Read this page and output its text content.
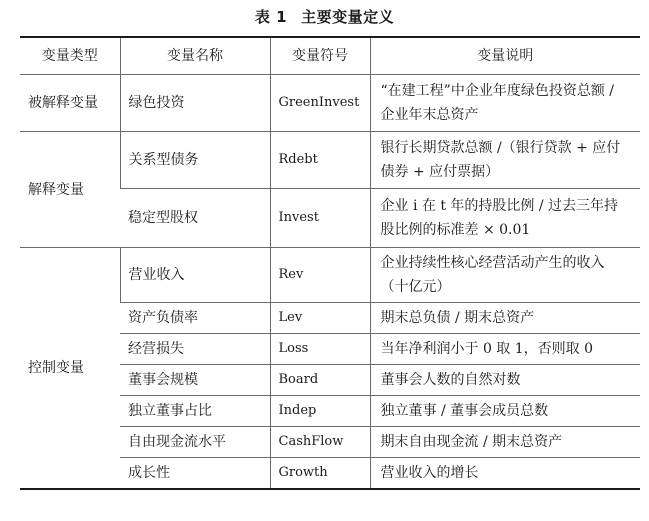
表 1 主要变量定义
变量类型	变量名称	变量符号	变量说明
被解释变量	绿色投资	GreenInvest	“在建工程”中企业年度绿色投资总额 / 企业年末总资产
解释变量	关系型债务	Rdebt	银行长期贷款总额 /（银行贷款 + 应付债券 + 应付票据）
	稳定型股权	Invest	企业 i 在 t 年的持股比例 / 过去三年持股比例的标准差 × 0.01
控制变量	营业收入	Rev	企业持续性核心经营活动产生的收入（十亿元）
	资产负债率	Lev	期末总负债 / 期末总资产
	经营损失	Loss	当年净利润小于 0 取 1，否则取 0
	董事会规模	Board	董事会人数的自然对数
	独立董事占比	Indep	独立董事 / 董事会成员总数
	自由现金流水平	CashFlow	期末自由现金流 / 期末总资产
	成长性	Growth	营业收入的增长
